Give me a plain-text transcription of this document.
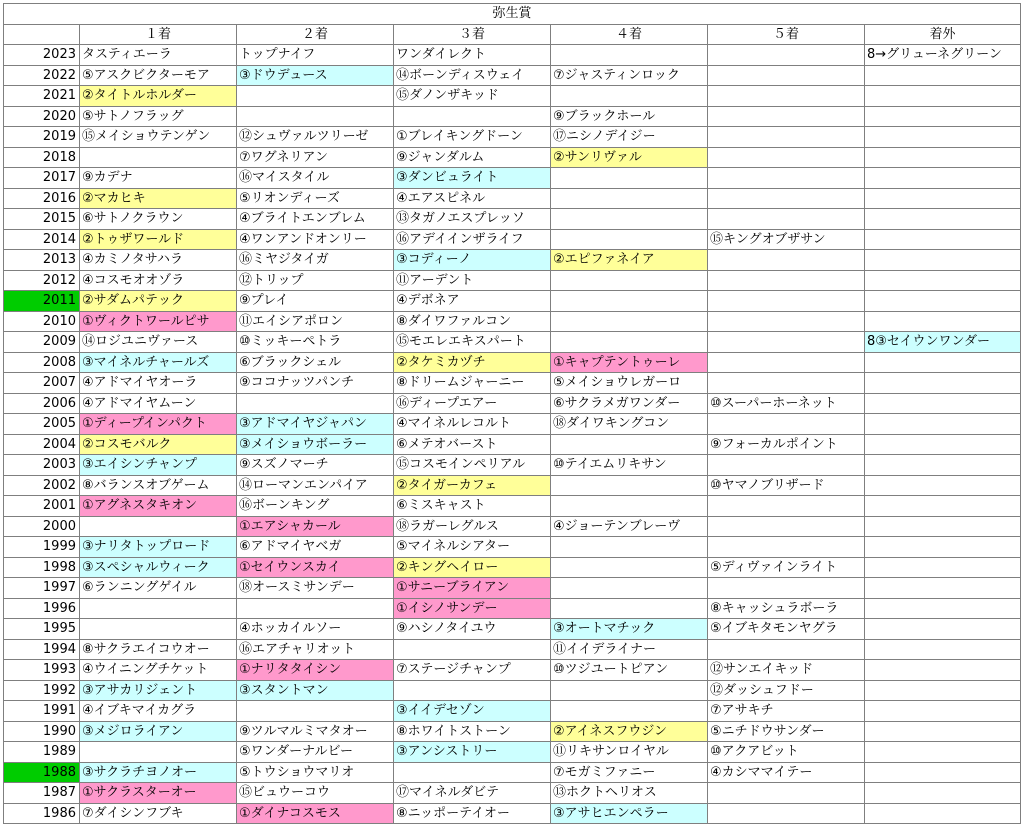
弥生賞						
	１着	２着	３着	４着	５着	着外
2023	タスティエーラ	トップナイフ	ワンダイレクト			8→グリューネグリーン
2022	⑤アスクビクターモア	③ドウデュース	⑭ボーンディスウェイ	⑦ジャスティンロック		
2021	②タイトルホルダー		⑮ダノンザキッド			
2020	⑤サトノフラッグ			⑨ブラックホール		
2019	⑮メイショウテンゲン	⑫シュヴァルツリーゼ	①ブレイキングドーン	⑰ニシノデイジー		
2018		⑦ワグネリアン	⑨ジャンダルム	②サンリヴァル		
2017	⑨カデナ	⑯マイスタイル	③ダンビュライト			
2016	②マカヒキ	⑤リオンディーズ	④エアスピネル			
2015	⑥サトノクラウン	④ブライトエンブレム	⑬タガノエスプレッソ			
2014	②トゥザワールド	④ワンアンドオンリー	⑯アデイインザライフ		⑮キングオブザサン	
2013	④カミノタサハラ	⑯ミヤジタイガ	③コディーノ	②エピファネイア		
2012	④コスモオオゾラ	⑫トリップ	⑪アーデント			
2011	②サダムパテック	⑨プレイ	④デボネア			
2010	①ヴィクトワールピサ	⑪エイシアポロン	⑧ダイワファルコン			
2009	⑭ロジユニヴァース	⑩ミッキーペトラ	⑮モエレエキスパート			8③セイウンワンダー
2008	③マイネルチャールズ	⑥ブラックシェル	②タケミカヅチ	①キャプテントゥーレ		
2007	④アドマイヤオーラ	⑨ココナッツパンチ	⑧ドリームジャーニー	⑤メイショウレガーロ		
2006	④アドマイヤムーン		⑯ディープエアー	⑥サクラメガワンダー	⑩スーパーホーネット	
2005	①ディープインパクト	③アドマイヤジャパン	④マイネルレコルト	⑱ダイワキングコン		
2004	②コスモバルク	③メイショウボーラー	⑥メテオバースト		⑨フォーカルポイント	
2003	③エイシンチャンプ	⑨スズノマーチ	⑮コスモインペリアル	⑩テイエムリキサン		
2002	⑧バランスオブゲーム	⑭ローマンエンパイア	②タイガーカフェ		⑩ヤマノブリザード	
2001	①アグネスタキオン	⑯ボーンキング	⑥ミスキャスト			
2000		①エアシャカール	⑱ラガーレグルス	④ジョーテンブレーヴ		
1999	③ナリタトップロード	⑥アドマイヤベガ	⑤マイネルシアター			
1998	③スペシャルウィーク	①セイウンスカイ	②キングヘイロー		⑤ディヴァインライト	
1997	⑥ランニングゲイル	⑱オースミサンデー	①サニーブライアン			
1996			①イシノサンデー		⑧キャッシュラボーラ	
1995		④ホッカイルソー	⑨ハシノタイユウ	③オートマチック	⑤イブキタモンヤグラ	
1994	⑧サクラエイコウオー	⑯エアチャリオット		⑪イイデライナー		
1993	④ウイニングチケット	①ナリタタイシン	⑦ステージチャンプ	⑩ツジユートピアン	⑫サンエイキッド	
1992	③アサカリジェント	③スタントマン			⑫ダッシュフドー	
1991	④イブキマイカグラ		③イイデセゾン		⑦アサキチ	
1990	③メジロライアン	⑨ツルマルミマタオー	⑧ホワイトストーン	②アイネスフウジン	⑤ニチドウサンダー	
1989		⑤ワンダーナルビー	③アンシストリー	⑪リキサンロイヤル	⑩アクアビット	
1988	③サクラチヨノオー	⑤トウショウマリオ		⑦モガミファニー	④カシママイテー	
1987	①サクラスターオー	⑮ビュウーコウ	⑰マイネルダビテ	⑬ホクトヘリオス		
1986	⑦ダイシンフブキ	①ダイナコスモス	⑧ニッポーテイオー	③アサヒエンペラー		
